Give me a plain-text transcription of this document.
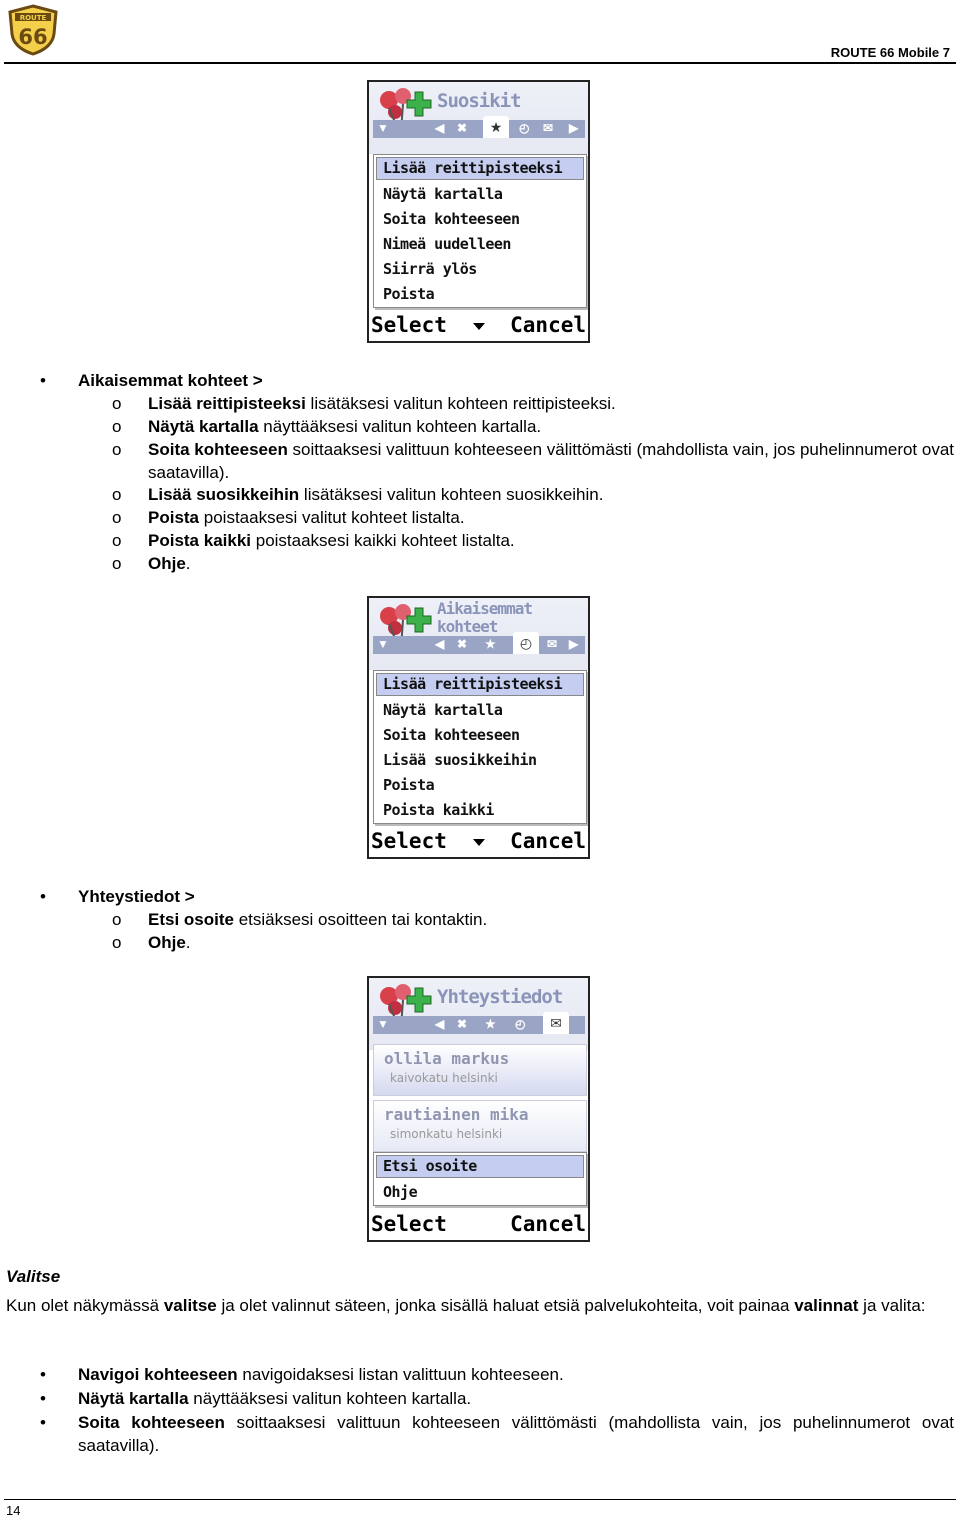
ROUTE
66
ROUTE 66 Mobile 7
Suosikit
▼	◀ ✖	★	◴ ✉ ▶
Lisää reittipisteeksi
Näytä kartalla
Soita kohteeseen
Nimeä uudelleen
Siirrä ylös
Poista
Select	Cancel
• Aikaisemmat kohteet >
o Lisää reittipisteeksi lisätäksesi valitun kohteen reittipisteeksi.
o Näytä kartalla näyttääksesi valitun kohteen kartalla.
o Soita kohteeseen soittaaksesi valittuun kohteeseen välittömästi (mahdollista vain, jos puhelinnumerot ovat saatavilla).
o Lisää suosikkeihin lisätäksesi valitun kohteen suosikkeihin.
o Poista poistaaksesi valitut kohteet listalta.
o Poista kaikki poistaaksesi kaikki kohteet listalta.
o Ohje.
Aikaisemmat
kohteet
▼	◀ ✖ ★	◴	✉ ▶
Lisää reittipisteeksi
Näytä kartalla
Soita kohteeseen
Lisää suosikkeihin
Poista
Poista kaikki
Select	Cancel
• Yhteystiedot >
o Etsi osoite etsiäksesi osoitteen tai kontaktin.
o Ohje.
Yhteystiedot
▼	◀ ✖ ★ ◴	✉
ollila markus
kaivokatu helsinki
rautiainen mika
simonkatu helsinki
Etsi osoite
Ohje
Select	Cancel
Valitse
Kun olet näkymässä valitse ja olet valinnut säteen, jonka sisällä haluat etsiä palvelukohteita, voit painaa valinnat ja valita:
• Navigoi kohteeseen navigoidaksesi listan valittuun kohteeseen.
• Näytä kartalla näyttääksesi valitun kohteen kartalla.
• Soita kohteeseen soittaaksesi valittuun kohteeseen välittömästi (mahdollista vain, jos puhelinnumerot ovat saatavilla).
14
